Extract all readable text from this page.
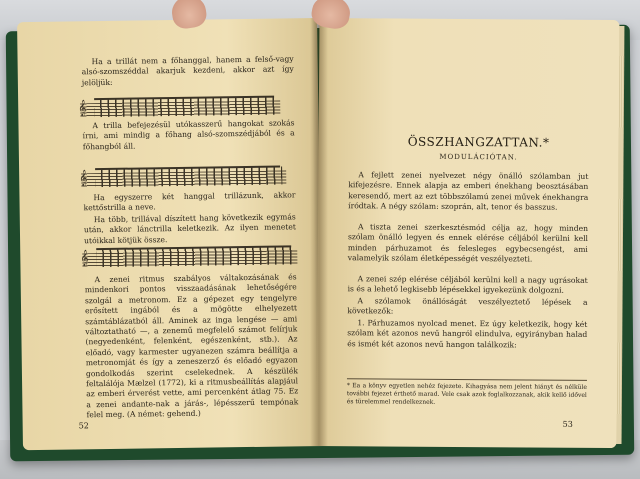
Ha a trillát nem a főhanggal, hanem a felső-vagy alsó-szomszéddal akarjuk kezdeni, akkor azt így jelöljük:

𝄞

A trilla befejezésül utókasszerű hangokat szokás írni, ami mindig a főhang alsó-szomszédjából és a főhangból áll.

𝄞

Ha egyszerre két hanggal trillázunk, akkor kettőstrilla a neve.

Ha több, trillával díszített hang következik egymás után, akkor lánctrilla keletkezik. Az ilyen menetet utóikkal kötjük össze.

𝄞

A zenei ritmus szabályos váltakozásának és mindenkori pontos visszaadásának lehetőségére szolgál a metronom. Ez a gépezet egy tengelyre erősített ingából és a mögötte elhelyezett számtáblázatból áll. Aminek az inga lengése — ami változtatható —, a zenemű megfelelő számot felírjuk (negyedenként, felenként, egészenként, stb.). Az előadó, vagy karmester ugyanezen számra beállítja a metronomját és így a zeneszerző és előadó egyazon gondolkodás szerint cselekednek. A készülék feltalálója Mælzel (1772), ki a ritmusbeállítás alapjául az emberi érverést vette, ami percenként átlag 75. Ez a zenei andante-nak a járás-, lépésszerű tempónak felel meg. (A német: gehend.)

52
ÖSSZHANGZATTAN.*
MODULÁCIÓTAN.

A fejlett zenei nyelvezet négy önálló szólamban jut kifejezésre. Ennek alapja az emberi énekhang beosztásában keresendő, mert az ezt többszólamú zenei művek énekhangra íródtak. A négy szólam: szoprán, alt, tenor és basszus.

A tiszta zenei szerkesztésmód célja az, hogy minden szólam önálló legyen és ennek elérése céljából kerülni kell minden párhuzamot és felesleges egybecsengést, ami valamelyik szólam életképességét veszélyezteti.

A zenei szép elérése céljából kerülni kell a nagy ugrásokat is és a lehető legkisebb lépésekkel igyekezünk dolgozni.

A szólamok önállóságát veszélyeztető lépések a következők:

1. Párhuzamos nyolcad menet. Ez úgy keletkezik, hogy két szólam két azonos nevű hangról elindulva, egyirányban halad és ismét két azonos nevű hangon találkozik:

* Ea a könyv egyetlen nehéz fejezete. Kihagyása nem jelent hiányt és nélküle további fejezet érthető marad. Vele csak azok foglalkozzanak, akik kellő idővel és türelemmel rendelkeznek.
53
